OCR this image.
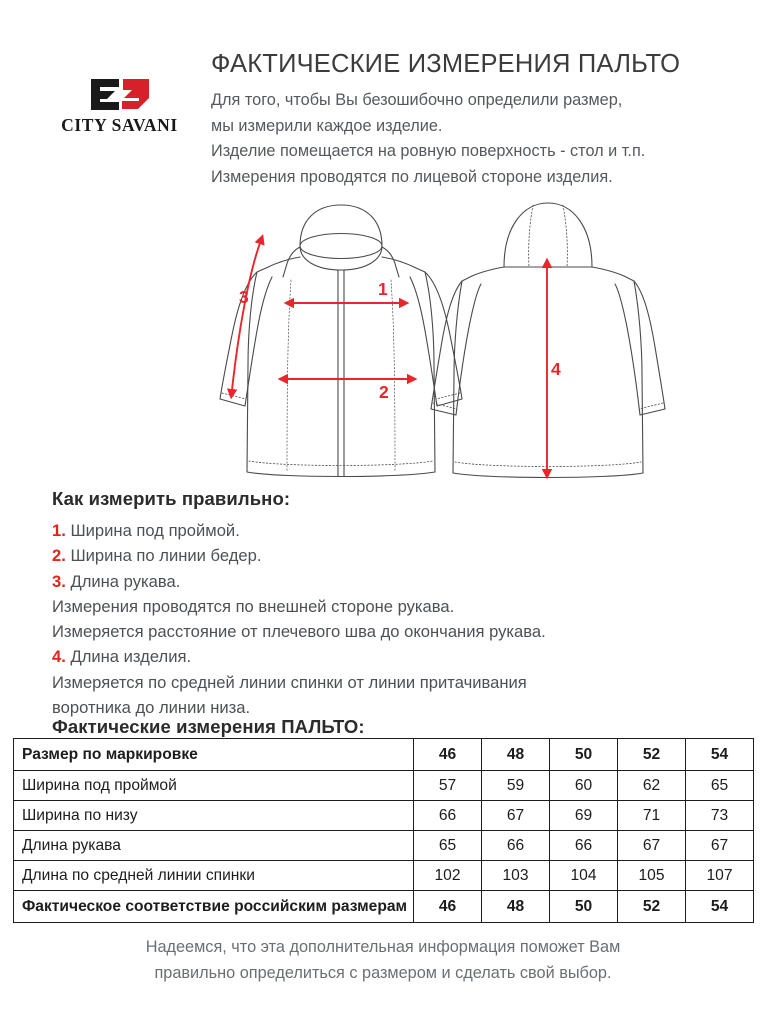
CITY SAVANI
ФАКТИЧЕСКИЕ ИЗМЕРЕНИЯ ПАЛЬТО
Для того, чтобы Вы безошибочно определили размер,
мы измерили каждое изделие.
Изделие помещается на ровную поверхность - стол и т.п.
Измерения проводятся по лицевой стороне изделия.
1
2
3
4
Как измерить правильно:
1. Ширина под проймой.
2. Ширина по линии бедер.
3. Длина рукава.
Измерения проводятся по внешней стороне рукава.
Измеряется расстояние от плечевого шва до окончания рукава.
4. Длина изделия.
Измеряется по средней линии спинки от линии притачивания
воротника до линии низа.
Фактические измерения ПАЛЬТО:
Размер по маркировке	46	48	50	52	54
Ширина под проймой	57	59	60	62	65
Ширина по низу	66	67	69	71	73
Длина рукава	65	66	66	67	67
Длина по средней линии спинки	102	103	104	105	107
Фактическое соответствие российским размерам	46	48	50	52	54
Надеемся, что эта дополнительная информация поможет Вам
правильно определиться с размером и сделать свой выбор.
